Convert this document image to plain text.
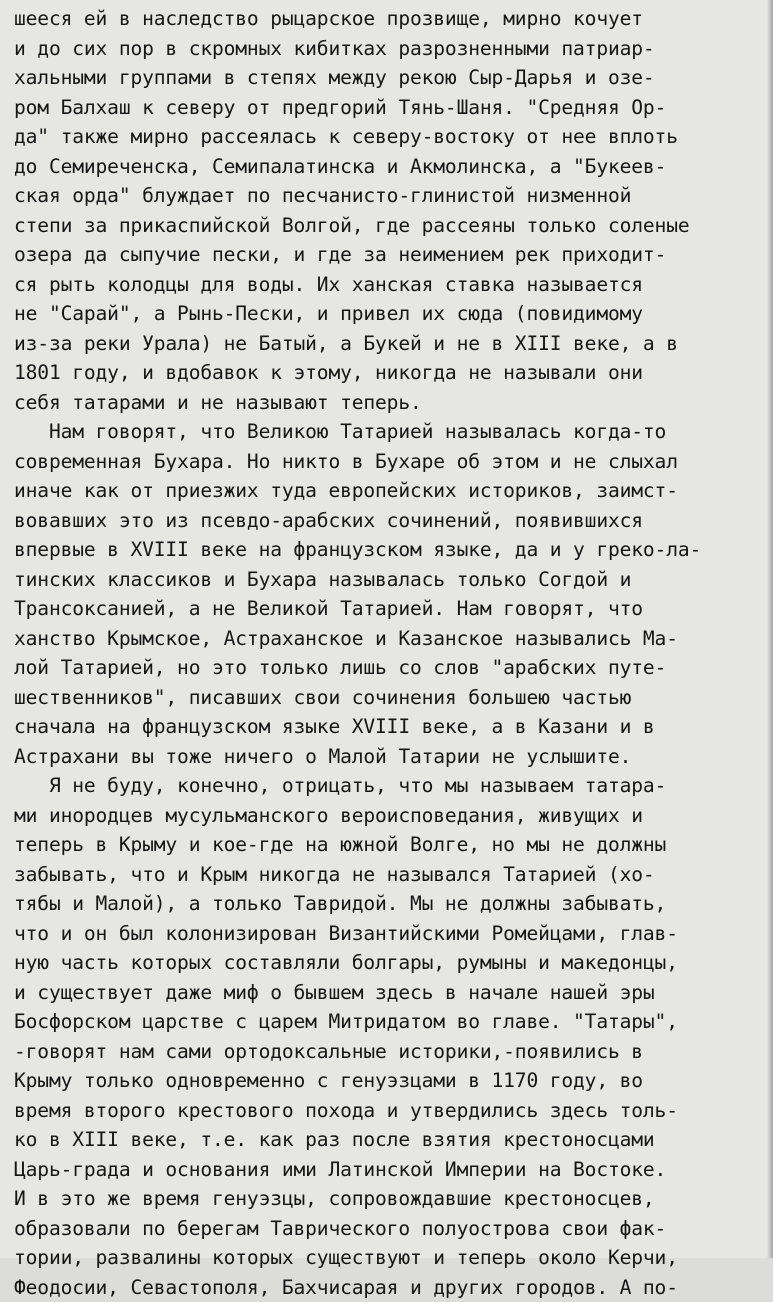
шееся ей в наследство рыцарское прозвище, мирно кочует
и до сих пор в скромных кибитках разрозненными патриар-
хальными группами в степях между рекою Сыр-Дарья и озе-
ром Балхаш к северу от предгорий Тянь-Шаня. "Средняя Ор-
да" также мирно рассеялась к северу-востоку от нее вплоть
до Семиреченска, Семипалатинска и Акмолинска, а "Букеев-
ская орда" блуждает по песчанисто-глинистой низменной
степи за прикаспийской Волгой, где рассеяны только соленые
озера да сыпучие пески, и где за неимением рек приходит-
ся рыть колодцы для воды. Их ханская ставка называется
не "Сарай", а Рынь-Пески, и привел их сюда (повидимому
из-за реки Урала) не Батый, а Букей и не в XIII веке, а в
1801 году, и вдобавок к этому, никогда не называли они
себя татарами и не называют теперь.
Нам говорят, что Великою Татарией называлась когда-то
современная Бухара. Но никто в Бухаре об этом и не слыхал
иначе как от приезжих туда европейских историков, заимст-
вовавших это из псевдо-арабских сочинений, появившихся
впервые в XVIII веке на французском языке, да и у греко-ла-
тинских классиков и Бухара называлась только Согдой и
Трансоксанией, а не Великой Татарией. Нам говорят, что
ханство Крымское, Астраханское и Казанское назывались Ма-
лой Татарией, но это только лишь со слов "арабских путе-
шественников", писавших свои сочинения большею частью
сначала на французском языке XVIII веке, а в Казани и в
Астрахани вы тоже ничего о Малой Татарии не услышите.
Я не буду, конечно, отрицать, что мы называем татара-
ми инородцев мусульманского вероисповедания, живущих и
теперь в Крыму и кое-где на южной Волге, но мы не должны
забывать, что и Крым никогда не назывался Татарией (хо-
тябы и Малой), а только Тавридой. Мы не должны забывать,
что и он был колонизирован Византийскими Ромейцами, глав-
ную часть которых составляли болгары, румыны и македонцы,
и существует даже миф о бывшем здесь в начале нашей эры
Босфорском царстве с царем Митридатом во главе. "Татары",
-говорят нам сами ортодоксальные историки,-появились в
Крыму только одновременно с генуэзцами в 1170 году, во
время второго крестового похода и утвердились здесь толь-
ко в XIII веке, т.е. как раз после взятия крестоносцами
Царь-града и основания ими Латинской Империи на Востоке.
И в это же время генуэзцы, сопровождавшие крестоносцев,
образовали по берегам Таврического полуострова свои фак-
тории, развалины которых существуют и теперь около Керчи,
Феодосии, Севастополя, Бахчисарая и других городов. А по-
